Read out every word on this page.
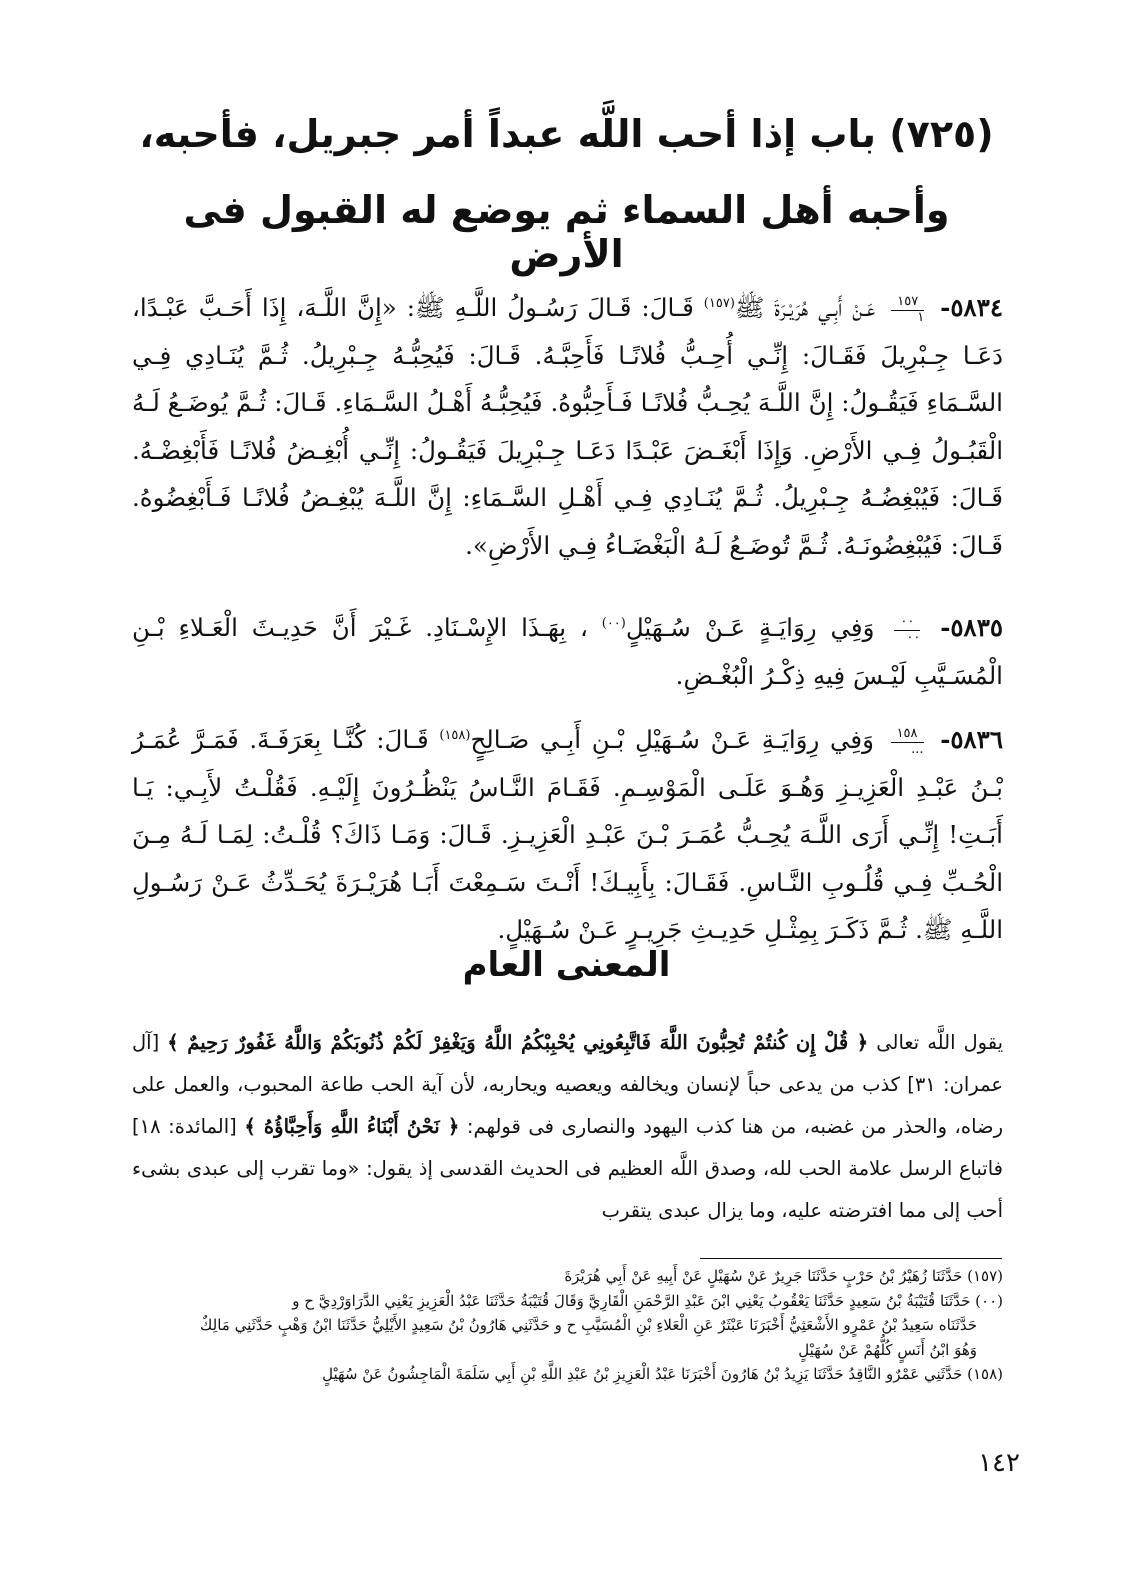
(٧٢٥) باب إذا أحب اللَّه عبداً أمر جبريل، فأحبه،
وأحبه أهل السماء ثم يوضع له القبول فى الأرض
٥٨٣٤-
$\frac{١٥٧}{١}$
عَـنْ أَبِـي هُرَيْـرَةَ ﷺ$^{(١٥٧)}$ قَـالَ: قَـالَ رَسُـولُ اللَّـهِ ﷺ: «إِنَّ اللَّـهَ، إِذَا أَحَـبَّ عَبْـدًا، دَعَـا جِـبْرِيلَ فَقَـالَ: إِنِّـي أُحِـبُّ فُلانًـا فَأَحِبَّـهُ. قَـالَ: فَيُحِبُّـهُ جِـبْرِيلُ. ثُـمَّ يُنَـادِي فِـي السَّـمَاءِ فَيَقُـولُ: إِنَّ اللَّـهَ يُحِـبُّ فُلانًـا فَـأَحِبُّوهُ. فَيُحِبُّـهُ أَهْـلُ السَّـمَاءِ. قَـالَ: ثُـمَّ يُوضَـعُ لَـهُ الْقَبُـولُ فِـي الأَرْضِ. وَإِذَا أَبْغَـضَ عَبْـدًا دَعَـا جِـبْرِيلَ فَيَقُـولُ: إِنِّـي أُبْغِـضُ فُلانًـا فَأَبْغِضْـهُ. قَـالَ: فَيُبْغِضُـهُ جِـبْرِيلُ. ثُـمَّ يُنَـادِي فِـي أَهْـلِ السَّـمَاءِ: إِنَّ اللَّـهَ يُبْغِـضُ فُلانًـا فَـأَبْغِضُوهُ. قَـالَ: فَيُبْغِضُونَـهُ. ثُـمَّ تُوضَـعُ لَـهُ الْبَغْضَـاءُ فِـي الأَرْضِ».
٥٨٣٥-
$\frac{٠٠}{٠٠}$
وَفِي رِوَايَـةٍ عَـنْ سُـهَيْلٍ$^{(٠٠)}$ ، بِهَـذَا الإِسْـنَادِ. غَـيْرَ أَنَّ حَدِيـثَ الْعَـلاءِ بْـنِ الْمُسَـيَّبِ لَيْـسَ فِيهِ ذِكْـرُ الْبُغْـضِ.
٥٨٣٦-
$\frac{١٥٨}{...}$
وَفِي رِوَايَـةِ عَـنْ سُـهَيْلِ بْـنِ أَبِـي صَـالِحٍ$^{(١٥٨)}$ قَـالَ: كُنَّـا بِعَرَفَـةَ. فَمَـرَّ عُمَـرُ بْـنُ عَبْـدِ الْعَزِيـزِ وَهُـوَ عَلَـى الْمَوْسِـمِ. فَقَـامَ النَّـاسُ يَنْظُـرُونَ إِلَيْـهِ. فَقُلْـتُ لأَبِـي: يَـا أَبَـتِ! إِنِّـي أَرَى اللَّـهَ يُحِـبُّ عُمَـرَ بْـنَ عَبْـدِ الْعَزِيـزِ. قَـالَ: وَمَـا ذَاكَ؟ قُلْـتُ: لِمَـا لَـهُ مِـنَ الْحُـبِّ فِـي قُلُـوبِ النَّـاسِ. فَقَـالَ: بِأَبِيـكَ! أَنْـتَ سَـمِعْتَ أَبَـا هُرَيْـرَةَ يُحَـدِّثُ عَـنْ رَسُـولِ اللَّـهِ ﷺ. ثُـمَّ ذَكَـرَ بِمِثْـلِ حَدِيـثِ جَرِيـرٍ عَـنْ سُـهَيْلٍ.
المعنى العام
يقول اللَّه تعالى ﴿ قُلْ إِن كُنتُمْ تُحِبُّونَ اللَّهَ فَاتَّبِعُونِي يُحْبِبْكُمُ اللَّهُ وَيَغْفِرْ لَكُمْ ذُنُوبَكُمْ وَاللَّهُ غَفُورٌ رَحِيمٌ ﴾ [آل عمران: ٣١] كذب من يدعى حباً لإنسان ويخالفه ويعصيه ويحاربه، لأن آية الحب طاعة المحبوب، والعمل على رضاه، والحذر من غضبه، من هنا كذب اليهود والنصارى فى قولهم: ﴿ نَحْنُ أَبْنَاءُ اللَّهِ وَأَحِبَّاؤُهُ ﴾ [المائدة: ١٨] فاتباع الرسل علامة الحب لله، وصدق اللَّه العظيم فى الحديث القدسى إذ يقول: «وما تقرب إلى عبدى بشىء أحب إلى مما افترضته عليه، وما يزال عبدى يتقرب

(١٥٧) حَدَّثَنَا زُهَيْرُ بْنُ حَرْبٍ حَدَّثَنَا جَرِيرٌ عَنْ سُهَيْلٍ عَنْ أَبِيهِ عَنْ أَبِي هُرَيْرَةَ

(٠٠) حَدَّثَنَا قُتَيْبَةُ بْنُ سَعِيدٍ حَدَّثَنَا يَعْقُوبُ يَعْنِي ابْنَ عَبْدِ الرَّحْمَنِ الْقَارِيَّ وَقَالَ قُتَيْبَةُ حَدَّثَنَا عَبْدُ الْعَزِيزِ يَعْنِي الدَّرَاوَرْدِيَّ ح و
حَدَّثَنَاه سَعِيدُ بْنُ عَمْرٍو الأَشْعَثِيُّ أَخْبَرَنَا عَبْثَرٌ عَنِ الْعَلاءِ بْنِ الْمُسَيَّبِ ح و حَدَّثَنِي هَارُونُ بْنُ سَعِيدٍ الأَيْلِيُّ حَدَّثَنَا ابْنُ وَهْبٍ حَدَّثَنِي مَالِكٌ وَهُوَ ابْنُ أَنَسٍ كُلُّهُمْ عَنْ سُهَيْلٍ

(١٥٨) حَدَّثَنِي عَمْرٌو النَّاقِدُ حَدَّثَنَا يَزِيدُ بْنُ هَارُونَ أَخْبَرَنَا عَبْدُ الْعَزِيزِ بْنُ عَبْدِ اللَّهِ بْنِ أَبِي سَلَمَةَ الْمَاجِشُونُ عَنْ سُهَيْلٍ

١٤٢
